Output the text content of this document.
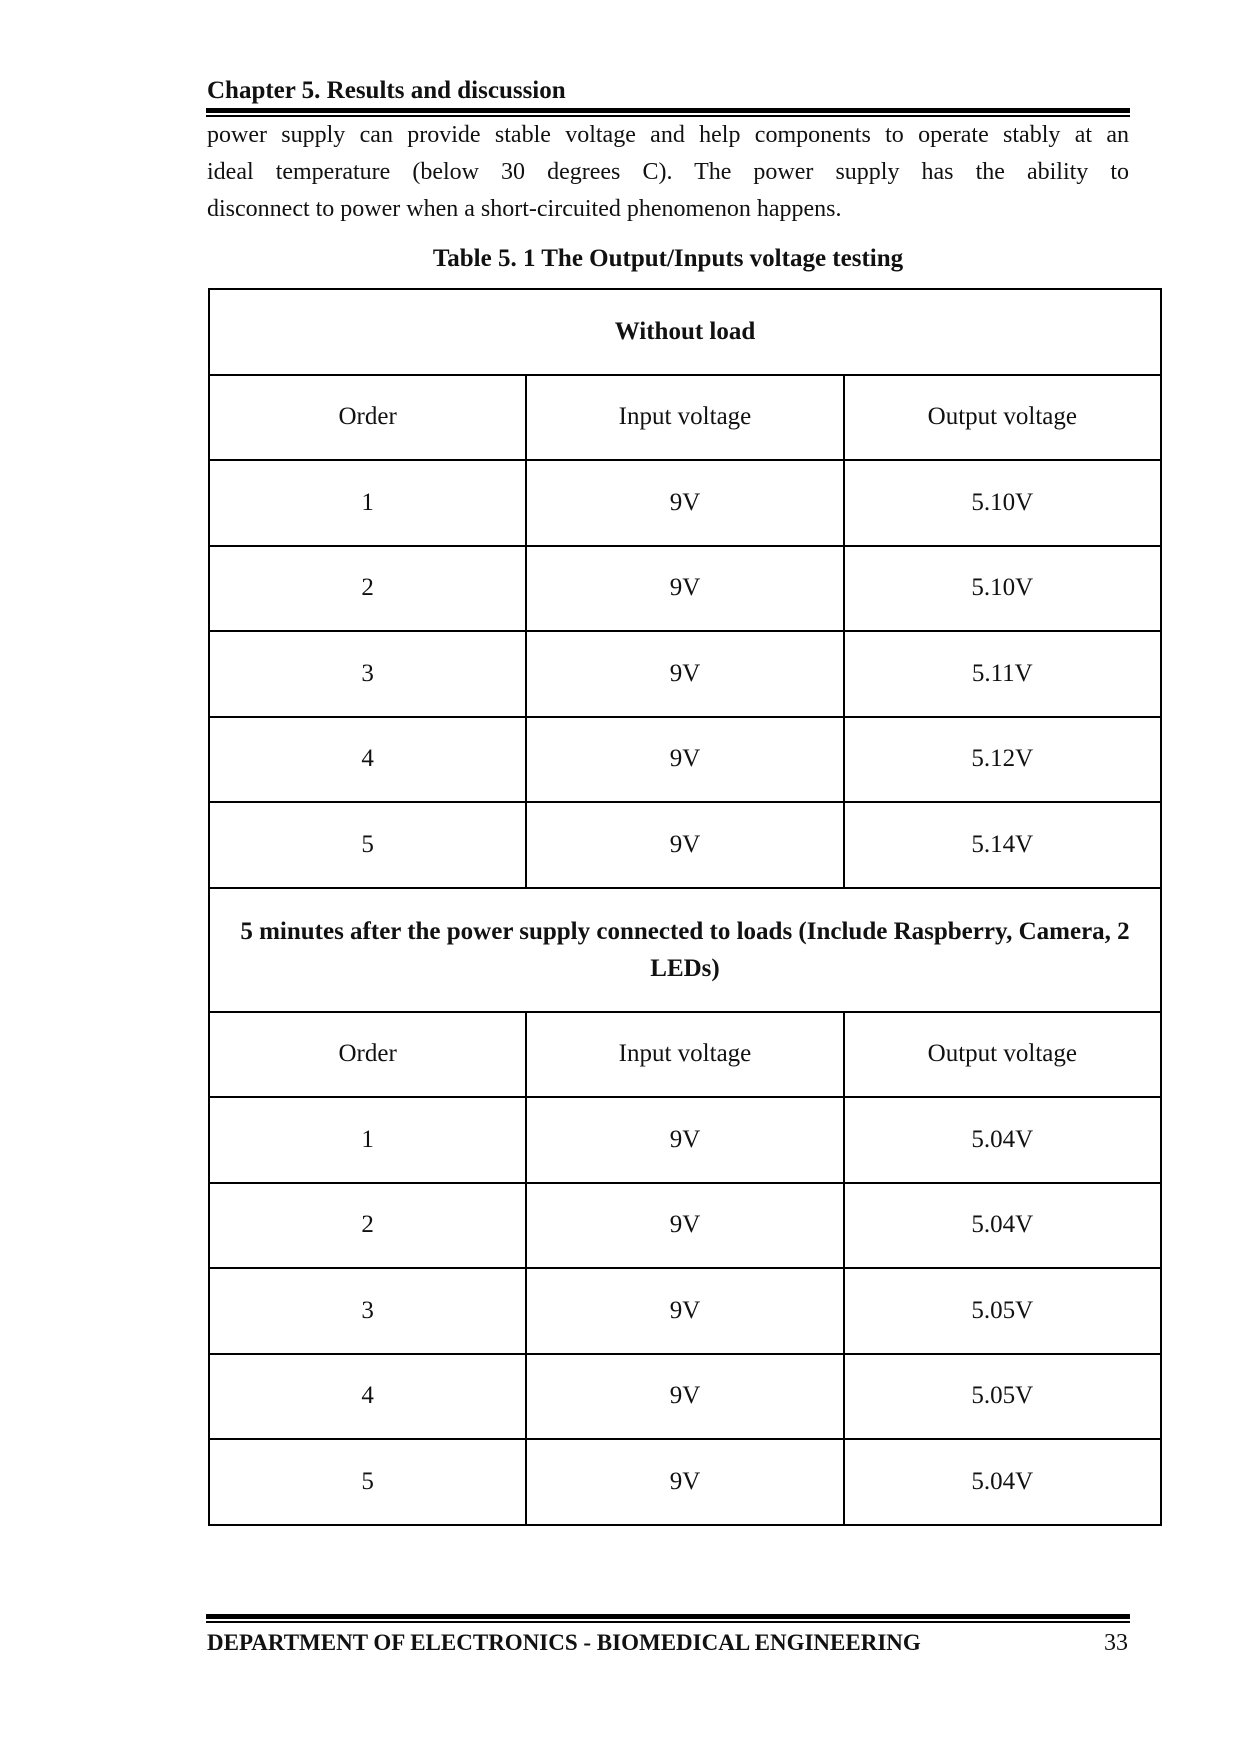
Chapter 5. Results and discussion
power supply can provide stable voltage and help components to operate stably at an
ideal temperature (below 30 degrees C). The power supply has the ability to
disconnect to power when a short-circuited phenomenon happens.
Table 5. 1 The Output/Inputs voltage testing
Without load		
Order	Input voltage	Output voltage
1	9V	5.10V
2	9V	5.10V
3	9V	5.11V
4	9V	5.12V
5	9V	5.14V
5 minutes after the power supply connected to loads (Include Raspberry, Camera, 2 LEDs)		
Order	Input voltage	Output voltage
1	9V	5.04V
2	9V	5.04V
3	9V	5.05V
4	9V	5.05V
5	9V	5.04V
DEPARTMENT OF ELECTRONICS - BIOMEDICAL ENGINEERING	33
